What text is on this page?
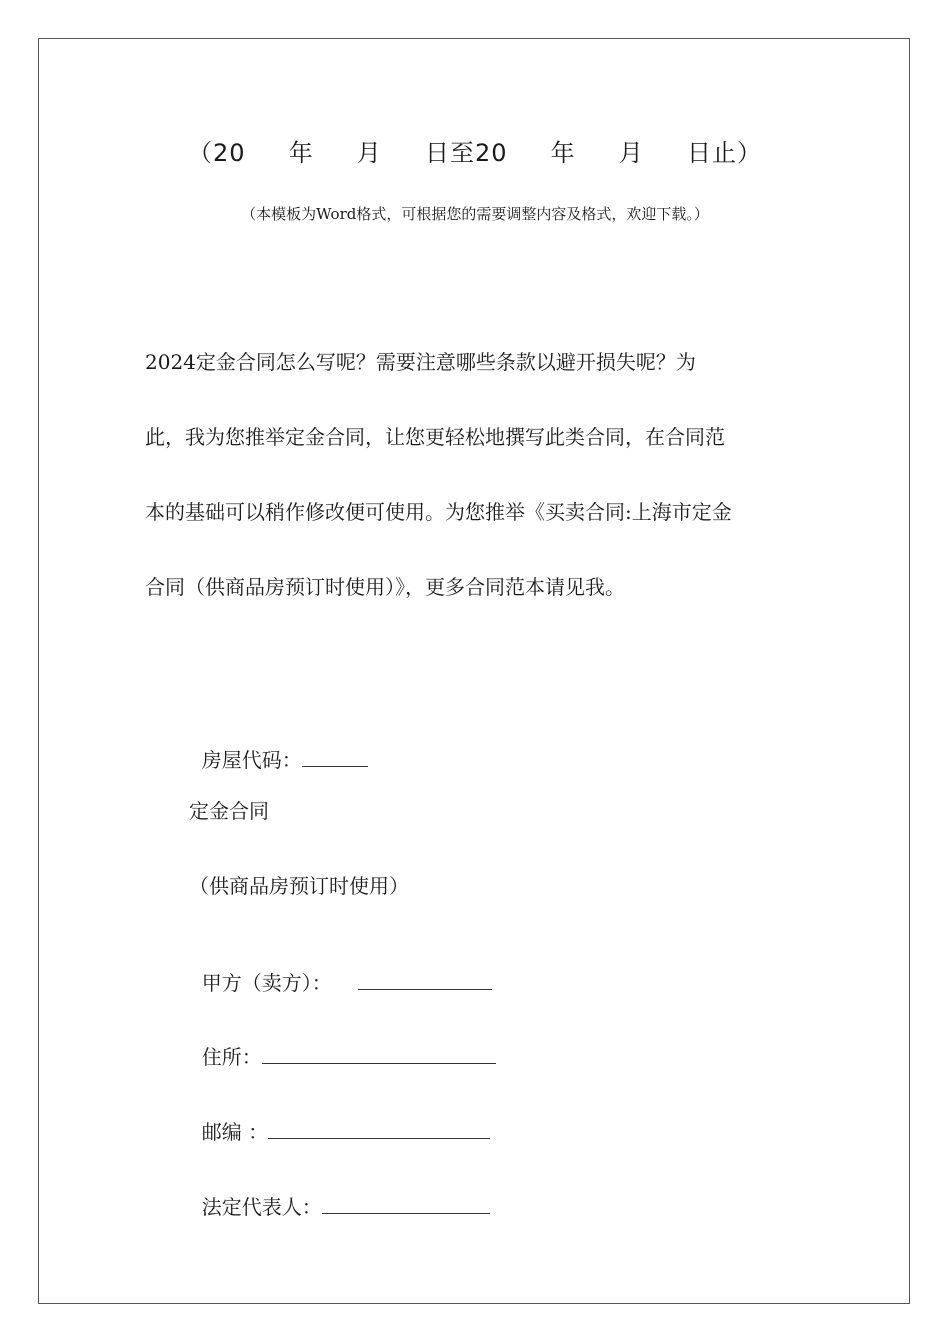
（20     年     月     日至20     年     月     日止）
（本模板为Word格式，可根据您的需要调整内容及格式，欢迎下载。）
2024定金合同怎么写呢？需要注意哪些条款以避开损失呢？为
此，我为您推举定金合同，让您更轻松地撰写此类合同，在合同范
本的基础可以稍作修改便可使用。为您推举《买卖合同:上海市定金
合同（供商品房预订时使用）》，更多合同范本请见我。

房屋代码：

定金合同
（供商品房预订时使用）

甲方（卖方）：

住所：

邮编 ：

法定代表人：
